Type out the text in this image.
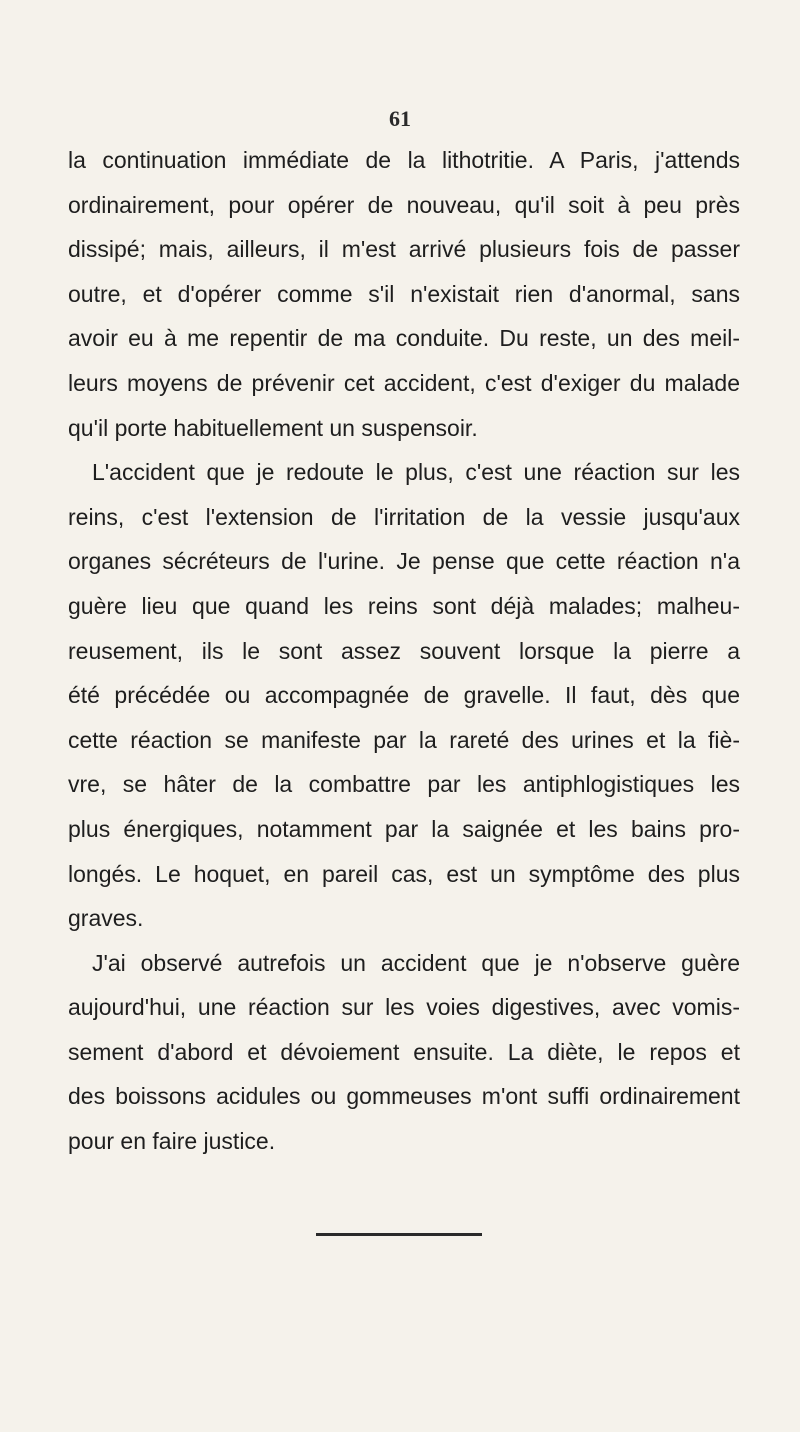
61
la continuation immédiate de la lithotritie. A Paris, j'attends
ordinairement, pour opérer de nouveau, qu'il soit à peu près
dissipé; mais, ailleurs, il m'est arrivé plusieurs fois de passer
outre, et d'opérer comme s'il n'existait rien d'anormal, sans
avoir eu à me repentir de ma conduite. Du reste, un des meil-
leurs moyens de prévenir cet accident, c'est d'exiger du malade
qu'il porte habituellement un suspensoir.
L'accident que je redoute le plus, c'est une réaction sur les
reins, c'est l'extension de l'irritation de la vessie jusqu'aux
organes sécréteurs de l'urine. Je pense que cette réaction n'a
guère lieu que quand les reins sont déjà malades; malheu-
reusement, ils le sont assez souvent lorsque la pierre a
été précédée ou accompagnée de gravelle. Il faut, dès que
cette réaction se manifeste par la rareté des urines et la fiè-
vre, se hâter de la combattre par les antiphlogistiques les
plus énergiques, notamment par la saignée et les bains pro-
longés. Le hoquet, en pareil cas, est un symptôme des plus
graves.
J'ai observé autrefois un accident que je n'observe guère
aujourd'hui, une réaction sur les voies digestives, avec vomis-
sement d'abord et dévoiement ensuite. La diète, le repos et
des boissons acidules ou gommeuses m'ont suffi ordinairement
pour en faire justice.
